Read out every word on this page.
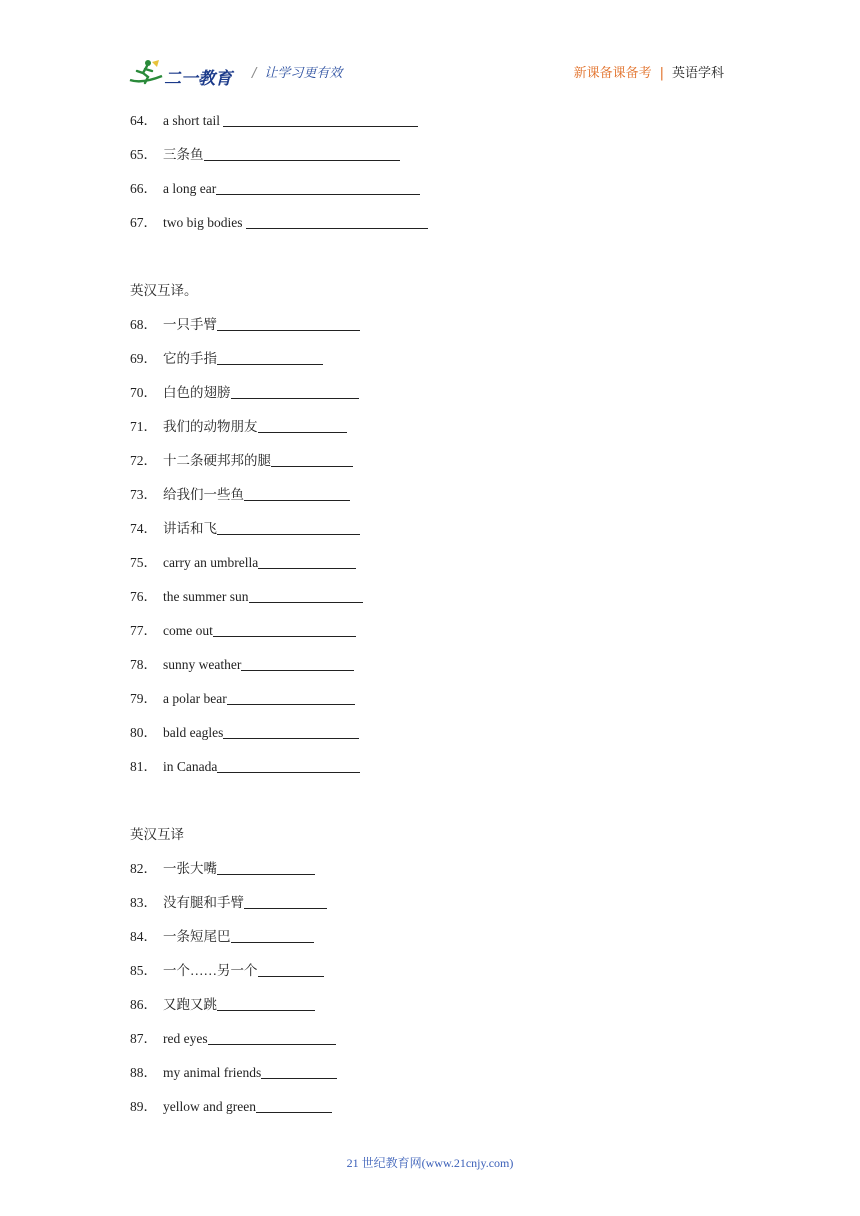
二一教育 / 让学习更有效	新课备课备考 | 英语学科
64． a short tail
65． 三条鱼
66． a long ear
67． two big bodies
英汉互译。
68． 一只手臂
69． 它的手指
70． 白色的翅膀
71． 我们的动物朋友
72． 十二条硬邦邦的腿
73． 给我们一些鱼
74． 讲话和飞
75． carry an umbrella
76． the summer sun
77． come out
78． sunny weather
79． a polar bear
80． bald eagles
81． in Canada
英汉互译
82． 一张大嘴
83． 没有腿和手臂
84． 一条短尾巴
85． 一个……另一个
86． 又跑又跳
87． red eyes
88． my animal friends
89． yellow and green
21 世纪教育网(www.21cnjy.com)
